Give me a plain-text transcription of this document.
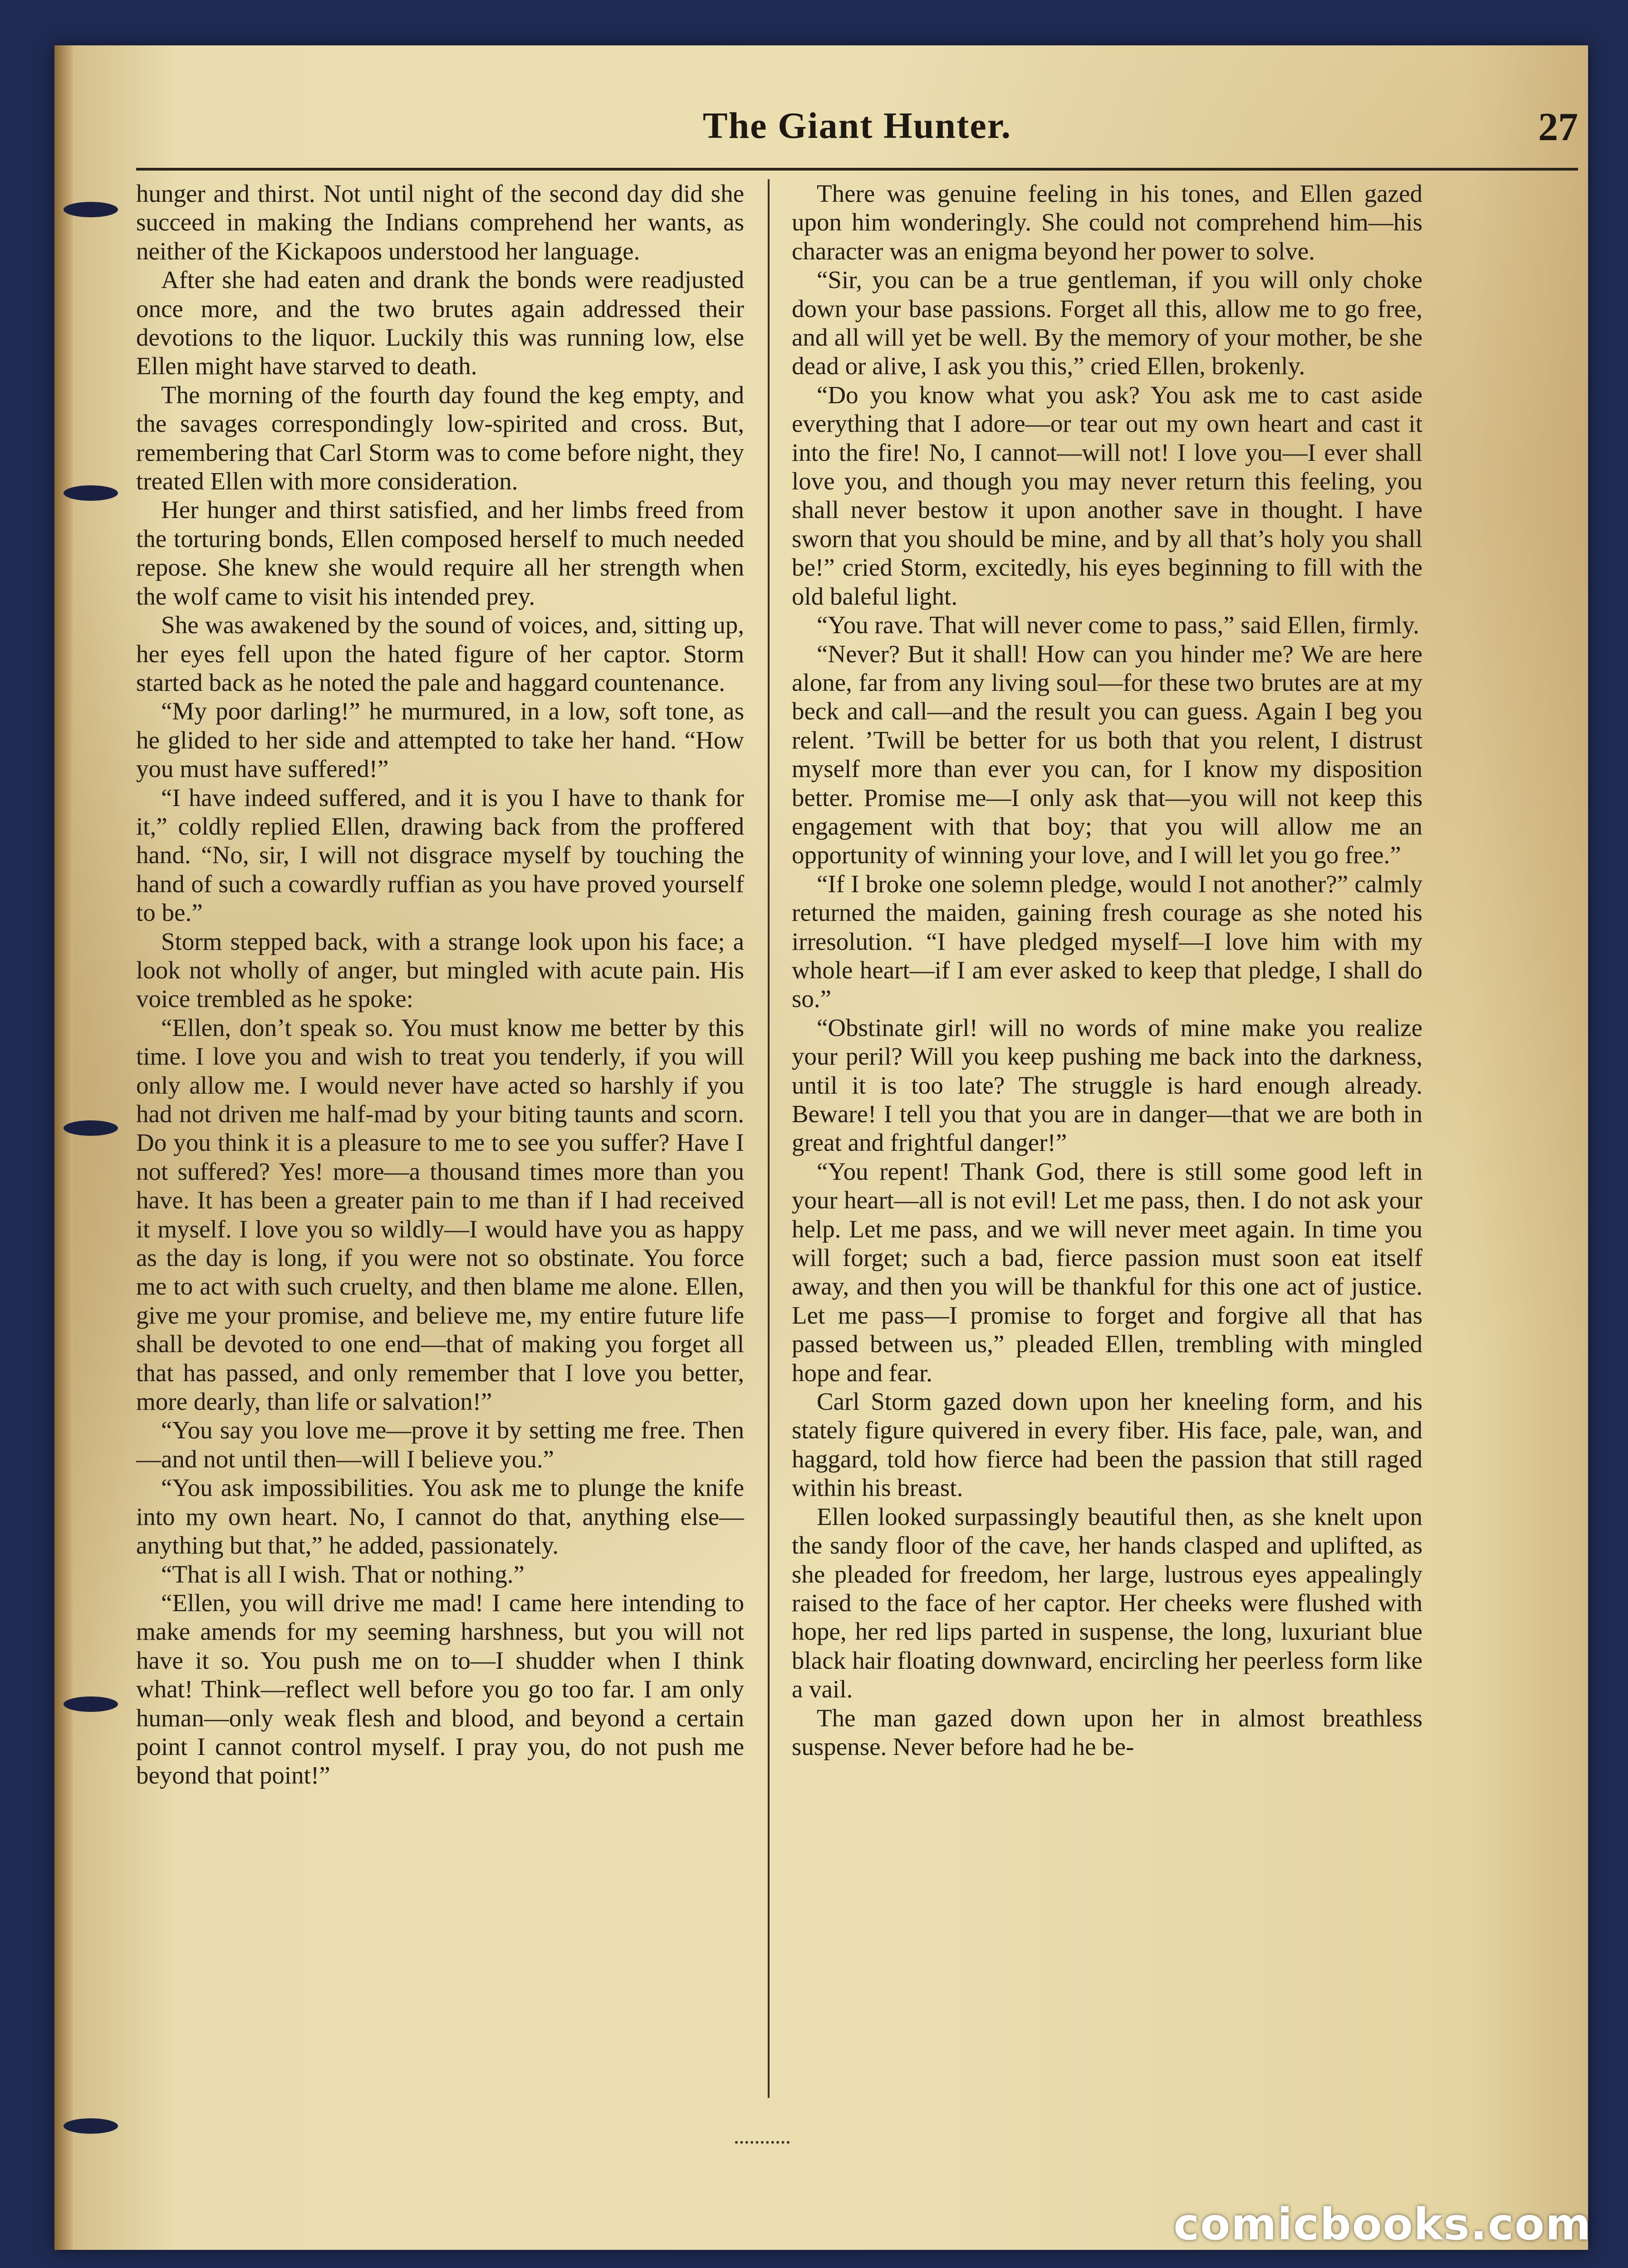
The Giant Hunter.	27

hunger and thirst. Not until night of the second day did she succeed in making the Indians comprehend her wants, as neither of the Kickapoos understood her language.

After she had eaten and drank the bonds were readjusted once more, and the two brutes again addressed their devotions to the liquor. Luckily this was running low, else Ellen might have starved to death.

The morning of the fourth day found the keg empty, and the savages correspondingly low-spirited and cross. But, remembering that Carl Storm was to come before night, they treated Ellen with more consideration.

Her hunger and thirst satisfied, and her limbs freed from the torturing bonds, Ellen composed herself to much needed repose. She knew she would require all her strength when the wolf came to visit his intended prey.

She was awakened by the sound of voices, and, sitting up, her eyes fell upon the hated figure of her captor. Storm started back as he noted the pale and haggard countenance.

“My poor darling!” he murmured, in a low, soft tone, as he glided to her side and attempted to take her hand. “How you must have suffered!”

“I have indeed suffered, and it is you I have to thank for it,” coldly replied Ellen, drawing back from the proffered hand. “No, sir, I will not disgrace myself by touching the hand of such a cowardly ruffian as you have proved yourself to be.”

Storm stepped back, with a strange look upon his face; a look not wholly of anger, but mingled with acute pain. His voice trembled as he spoke:

“Ellen, don’t speak so. You must know me better by this time. I love you and wish to treat you tenderly, if you will only allow me. I would never have acted so harshly if you had not driven me half-mad by your biting taunts and scorn. Do you think it is a pleasure to me to see you suffer? Have I not suffered? Yes! more—a thousand times more than you have. It has been a greater pain to me than if I had received it myself. I love you so wildly—I would have you as happy as the day is long, if you were not so obstinate. You force me to act with such cruelty, and then blame me alone. Ellen, give me your promise, and believe me, my entire future life shall be devoted to one end—that of making you forget all that has passed, and only remember that I love you better, more dearly, than life or salvation!”

“You say you love me—prove it by setting me free. Then—and not until then—will I believe you.”

“You ask impossibilities. You ask me to plunge the knife into my own heart. No, I cannot do that, anything else—anything but that,” he added, passionately.

“That is all I wish. That or nothing.”

“Ellen, you will drive me mad! I came here intending to make amends for my seeming harshness, but you will not have it so. You push me on to—I shudder when I think what! Think—reflect well before you go too far. I am only human—only weak flesh and blood, and beyond a certain point I cannot control myself. I pray you, do not push me beyond that point!”

There was genuine feeling in his tones, and Ellen gazed upon him wonderingly. She could not comprehend him—his character was an enigma beyond her power to solve.

“Sir, you can be a true gentleman, if you will only choke down your base passions. Forget all this, allow me to go free, and all will yet be well. By the memory of your mother, be she dead or alive, I ask you this,” cried Ellen, brokenly.

“Do you know what you ask? You ask me to cast aside everything that I adore—or tear out my own heart and cast it into the fire! No, I cannot—will not! I love you—I ever shall love you, and though you may never return this feeling, you shall never bestow it upon another save in thought. I have sworn that you should be mine, and by all that’s holy you shall be!” cried Storm, excitedly, his eyes beginning to fill with the old baleful light.

“You rave. That will never come to pass,” said Ellen, firmly.

“Never? But it shall! How can you hinder me? We are here alone, far from any living soul—for these two brutes are at my beck and call—and the result you can guess. Again I beg you relent. ’Twill be better for us both that you relent, I distrust myself more than ever you can, for I know my disposition better. Promise me—I only ask that—you will not keep this engagement with that boy; that you will allow me an opportunity of winning your love, and I will let you go free.”

“If I broke one solemn pledge, would I not another?” calmly returned the maiden, gaining fresh courage as she noted his irresolution. “I have pledged myself—I love him with my whole heart—if I am ever asked to keep that pledge, I shall do so.”

“Obstinate girl! will no words of mine make you realize your peril? Will you keep pushing me back into the darkness, until it is too late? The struggle is hard enough already. Beware! I tell you that you are in danger—that we are both in great and frightful danger!”

“You repent! Thank God, there is still some good left in your heart—all is not evil! Let me pass, then. I do not ask your help. Let me pass, and we will never meet again. In time you will forget; such a bad, fierce passion must soon eat itself away, and then you will be thankful for this one act of justice. Let me pass—I promise to forget and forgive all that has passed between us,” pleaded Ellen, trembling with mingled hope and fear.

Carl Storm gazed down upon her kneeling form, and his stately figure quivered in every fiber. His face, pale, wan, and haggard, told how fierce had been the passion that still raged within his breast.

Ellen looked surpassingly beautiful then, as she knelt upon the sandy floor of the cave, her hands clasped and uplifted, as she pleaded for freedom, her large, lustrous eyes appealingly raised to the face of her captor. Her cheeks were flushed with hope, her red lips parted in suspense, the long, luxuriant blue black hair floating downward, encircling her peerless form like a vail.

The man gazed down upon her in almost breathless suspense. Never before had he be-

comicbooks.com
